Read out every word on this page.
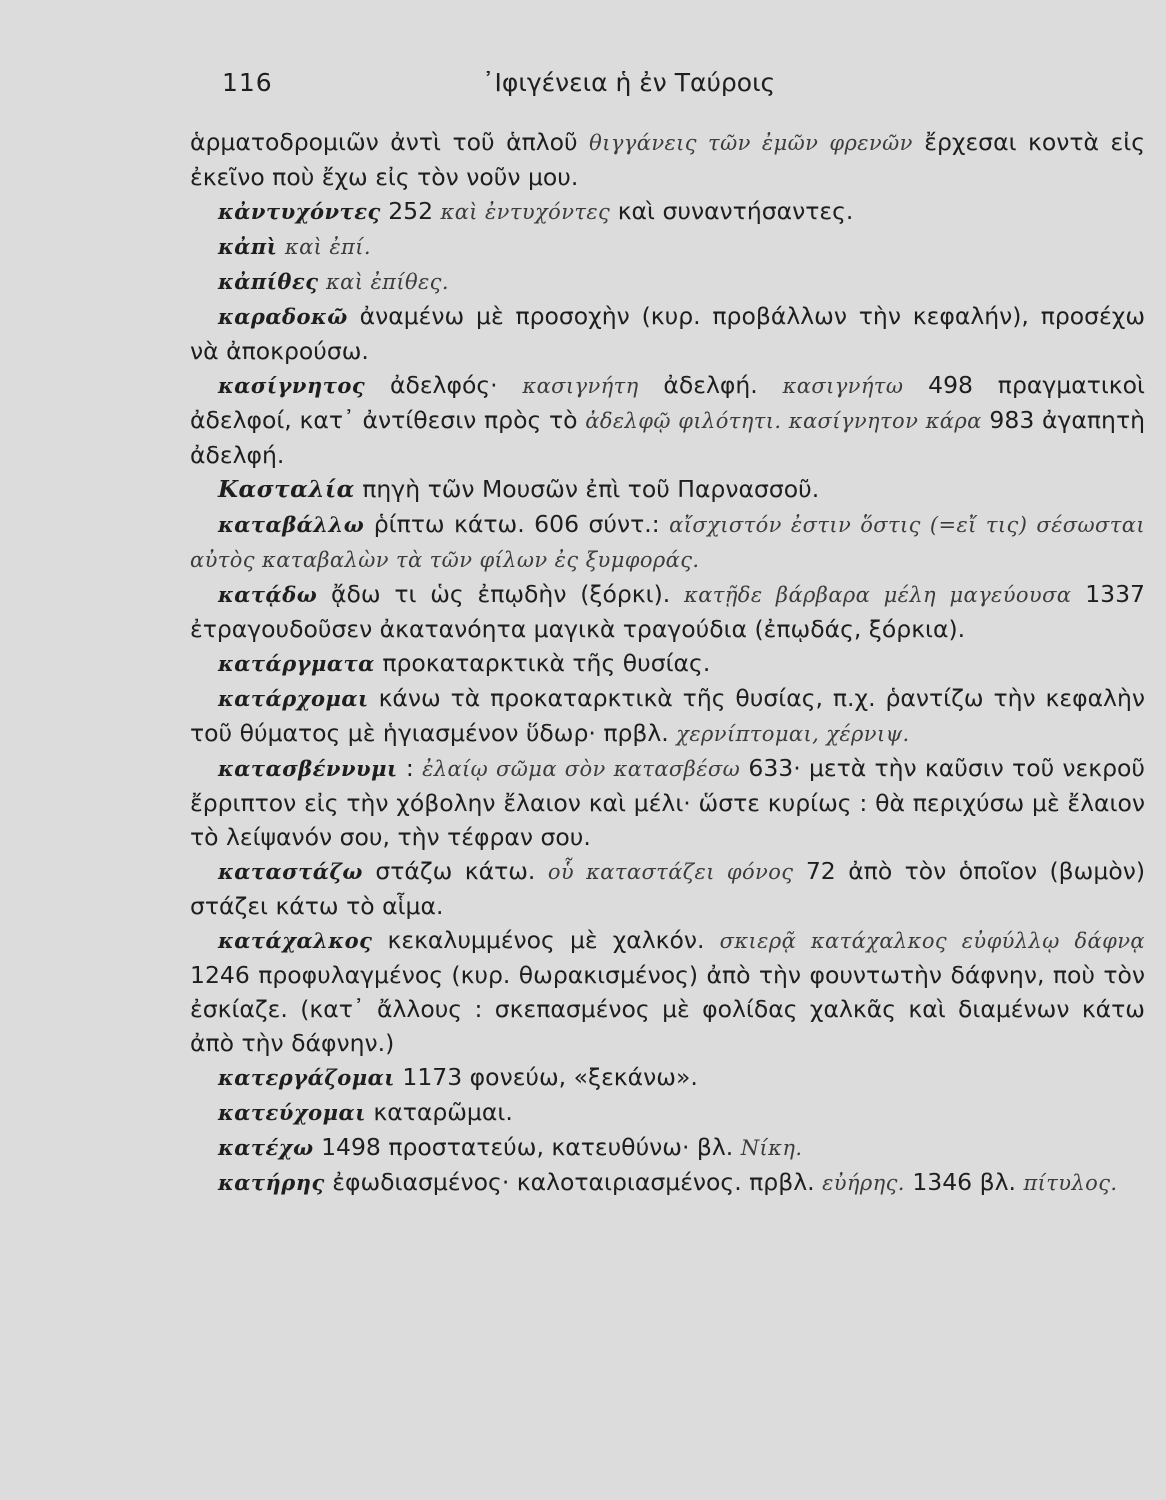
116	᾽Ιφιγένεια ἡ ἐν Ταύροις

ἁρματοδρομιῶν ἀντὶ τοῦ ἁπλοῦ θιγγάνεις τῶν ἐμῶν φρενῶν ἔρχεσαι κοντὰ εἰς ἐκεῖνο ποὺ ἔχω εἰς τὸν νοῦν μου.

κἀντυχόντες 252 καὶ ἐντυχόντες καὶ συναντήσαντες.

κἀπὶ καὶ ἐπί.

κἀπίθες καὶ ἐπίθες.

καραδοκῶ ἀναμένω μὲ προσοχὴν (κυρ. προβάλλων τὴν κεφαλήν), προσέχω νὰ ἀποκρούσω.

κασίγνητος ἀδελφός· κασιγνήτη ἀδελφή. κασιγνήτω 498 πραγματικοὶ ἀδελφοί, κατ᾽ ἀντίθεσιν πρὸς τὸ ἀδελφῷ φιλότητι. κασίγνητον κάρα 983 ἀγαπητὴ ἀδελφή.

Κασταλία πηγὴ τῶν Μουσῶν ἐπὶ τοῦ Παρνασσοῦ.

καταβάλλω ῥίπτω κάτω. 606 σύντ.: αἴσχιστόν ἐστιν ὅστις (=εἴ τις) σέσωσται αὐτὸς καταβαλὼν τὰ τῶν φίλων ἐς ξυμφοράς.

κατᾴδω ᾄδω τι ὡς ἐπῳδὴν (ξόρκι). κατῇδε βάρβαρα μέλη μαγεύουσα 1337 ἐτραγουδοῦσεν ἀκατανόητα μαγικὰ τραγούδια (ἐπῳδάς, ξόρκια).

κατάργματα προκαταρκτικὰ τῆς θυσίας.

κατάρχομαι κάνω τὰ προκαταρκτικὰ τῆς θυσίας, π.χ. ῥαντίζω τὴν κεφαλὴν τοῦ θύματος μὲ ἡγιασμένον ὕδωρ· πρβλ. χερνίπτομαι, χέρνιψ.

κατασβέννυμι : ἐλαίῳ σῶμα σὸν κατασβέσω 633· μετὰ τὴν καῦσιν τοῦ νεκροῦ ἔρριπτον εἰς τὴν χόβολην ἔλαιον καὶ μέλι· ὥστε κυρίως : θὰ περιχύσω μὲ ἔλαιον τὸ λείψανόν σου, τὴν τέφραν σου.

καταστάζω στάζω κάτω. οὗ καταστάζει φόνος 72 ἀπὸ τὸν ὁποῖον (βωμὸν) στάζει κάτω τὸ αἷμα.

κατάχαλκος κεκαλυμμένος μὲ χαλκόν. σκιερᾷ κατάχαλκος εὐφύλλῳ δάφνᾳ 1246 προφυλαγμένος (κυρ. θωρακισμένος) ἀπὸ τὴν φουντωτὴν δάφνην, ποὺ τὸν ἐσκίαζε. (κατ᾽ ἄλλους : σκεπασμένος μὲ φολίδας χαλκᾶς καὶ διαμένων κάτω ἀπὸ τὴν δάφνην.)

κατεργάζομαι 1173 φονεύω, «ξεκάνω».

κατεύχομαι καταρῶμαι.

κατέχω 1498 προστατεύω, κατευθύνω· βλ. Νίκη.

κατήρης ἐφωδιασμένος· καλοταιριασμένος. πρβλ. εὐήρης. 1346 βλ. πίτυλος.
